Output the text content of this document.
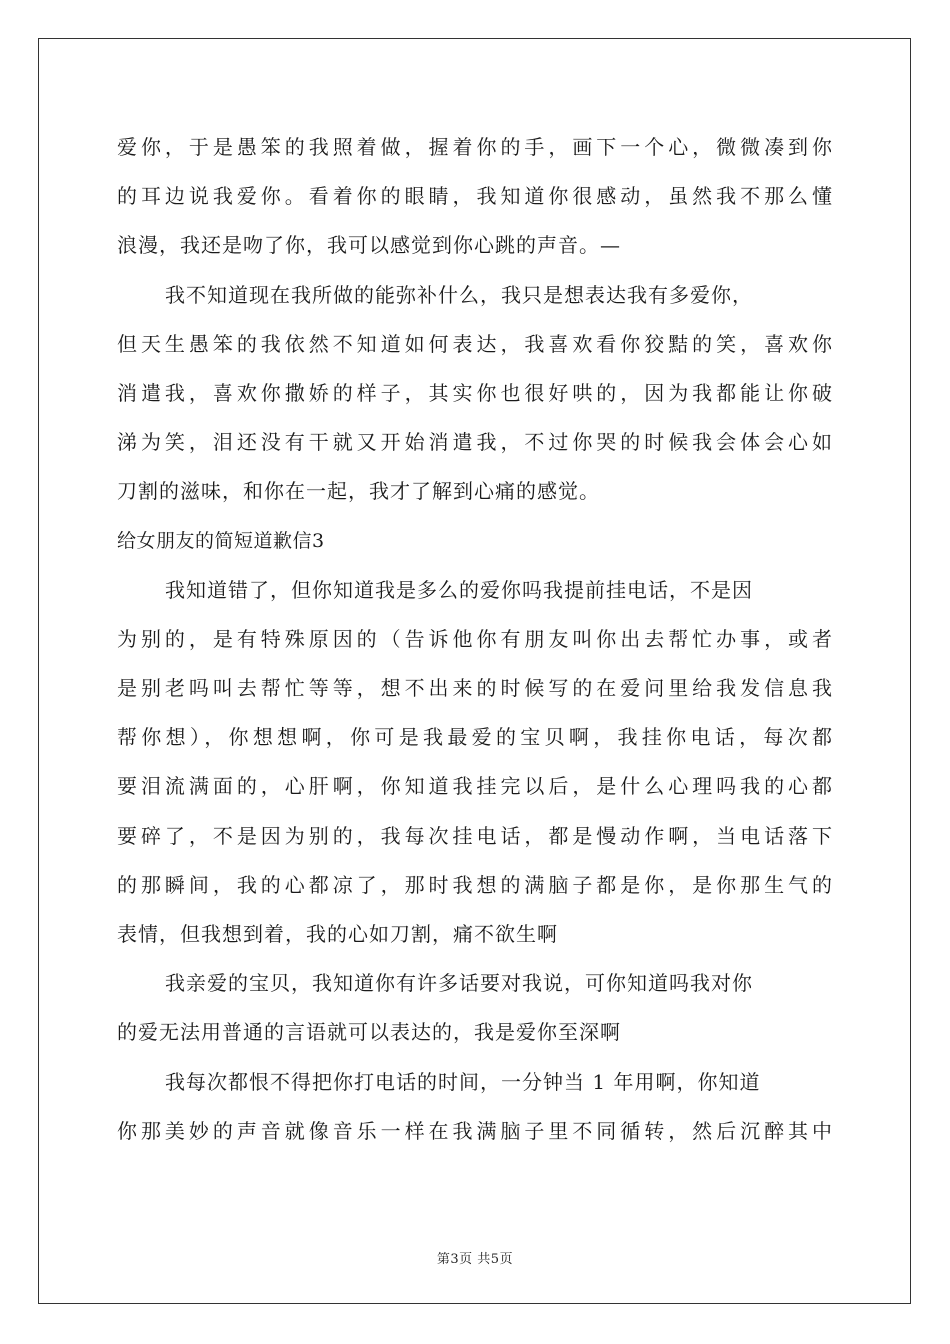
爱你，于是愚笨的我照着做，握着你的手，画下一个心，微微凑到你
的耳边说我爱你。看着你的眼睛，我知道你很感动，虽然我不那么懂
浪漫，我还是吻了你，我可以感觉到你心跳的声音。—
我不知道现在我所做的能弥补什么，我只是想表达我有多爱你，
但天生愚笨的我依然不知道如何表达，我喜欢看你狡黠的笑，喜欢你
消遣我，喜欢你撒娇的样子，其实你也很好哄的，因为我都能让你破
涕为笑，泪还没有干就又开始消遣我，不过你哭的时候我会体会心如
刀割的滋味，和你在一起，我才了解到心痛的感觉。
给女朋友的简短道歉信3
我知道错了，但你知道我是多么的爱你吗我提前挂电话，不是因
为别的，是有特殊原因的（告诉他你有朋友叫你出去帮忙办事，或者
是别老吗叫去帮忙等等，想不出来的时候写的在爱问里给我发信息我
帮你想），你想想啊，你可是我最爱的宝贝啊，我挂你电话，每次都
要泪流满面的，心肝啊，你知道我挂完以后，是什么心理吗我的心都
要碎了，不是因为别的，我每次挂电话，都是慢动作啊，当电话落下
的那瞬间，我的心都凉了，那时我想的满脑子都是你，是你那生气的
表情，但我想到着，我的心如刀割，痛不欲生啊
我亲爱的宝贝，我知道你有许多话要对我说，可你知道吗我对你
的爱无法用普通的言语就可以表达的，我是爱你至深啊
我每次都恨不得把你打电话的时间，一分钟当 1 年用啊，你知道
你那美妙的声音就像音乐一样在我满脑子里不同循转，然后沉醉其中
第3页 共5页
